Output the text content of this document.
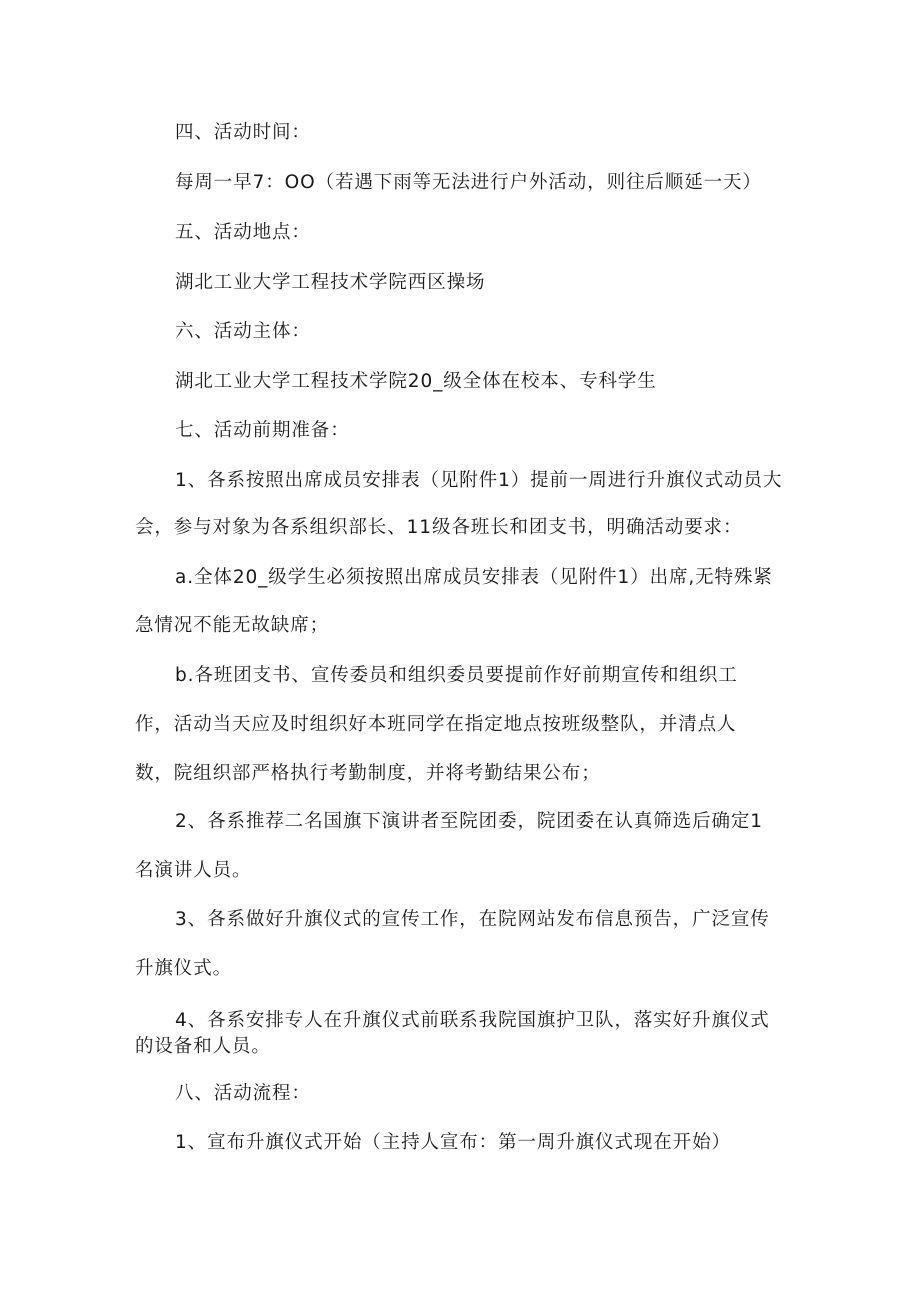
四、活动时间：
每周一早7：OO（若遇下雨等无法进行户外活动，则往后顺延一天）
五、活动地点：
湖北工业大学工程技术学院西区操场
六、活动主体：
湖北工业大学工程技术学院20_级全体在校本、专科学生
七、活动前期准备：
1、各系按照出席成员安排表（见附件1）提前一周进行升旗仪式动员大
会，参与对象为各系组织部长、11级各班长和团支书，明确活动要求：
a.全体20_级学生必须按照出席成员安排表（见附件1）出席,无特殊紧
急情况不能无故缺席；
b.各班团支书、宣传委员和组织委员要提前作好前期宣传和组织工
作，活动当天应及时组织好本班同学在指定地点按班级整队，并清点人
数，院组织部严格执行考勤制度，并将考勤结果公布；
2、各系推荐二名国旗下演讲者至院团委，院团委在认真筛选后确定1
名演讲人员。
3、各系做好升旗仪式的宣传工作，在院网站发布信息预告，广泛宣传
升旗仪式。
4、各系安排专人在升旗仪式前联系我院国旗护卫队，落实好升旗仪式
的设备和人员。
八、活动流程：
1、宣布升旗仪式开始（主持人宣布：第一周升旗仪式现在开始）
